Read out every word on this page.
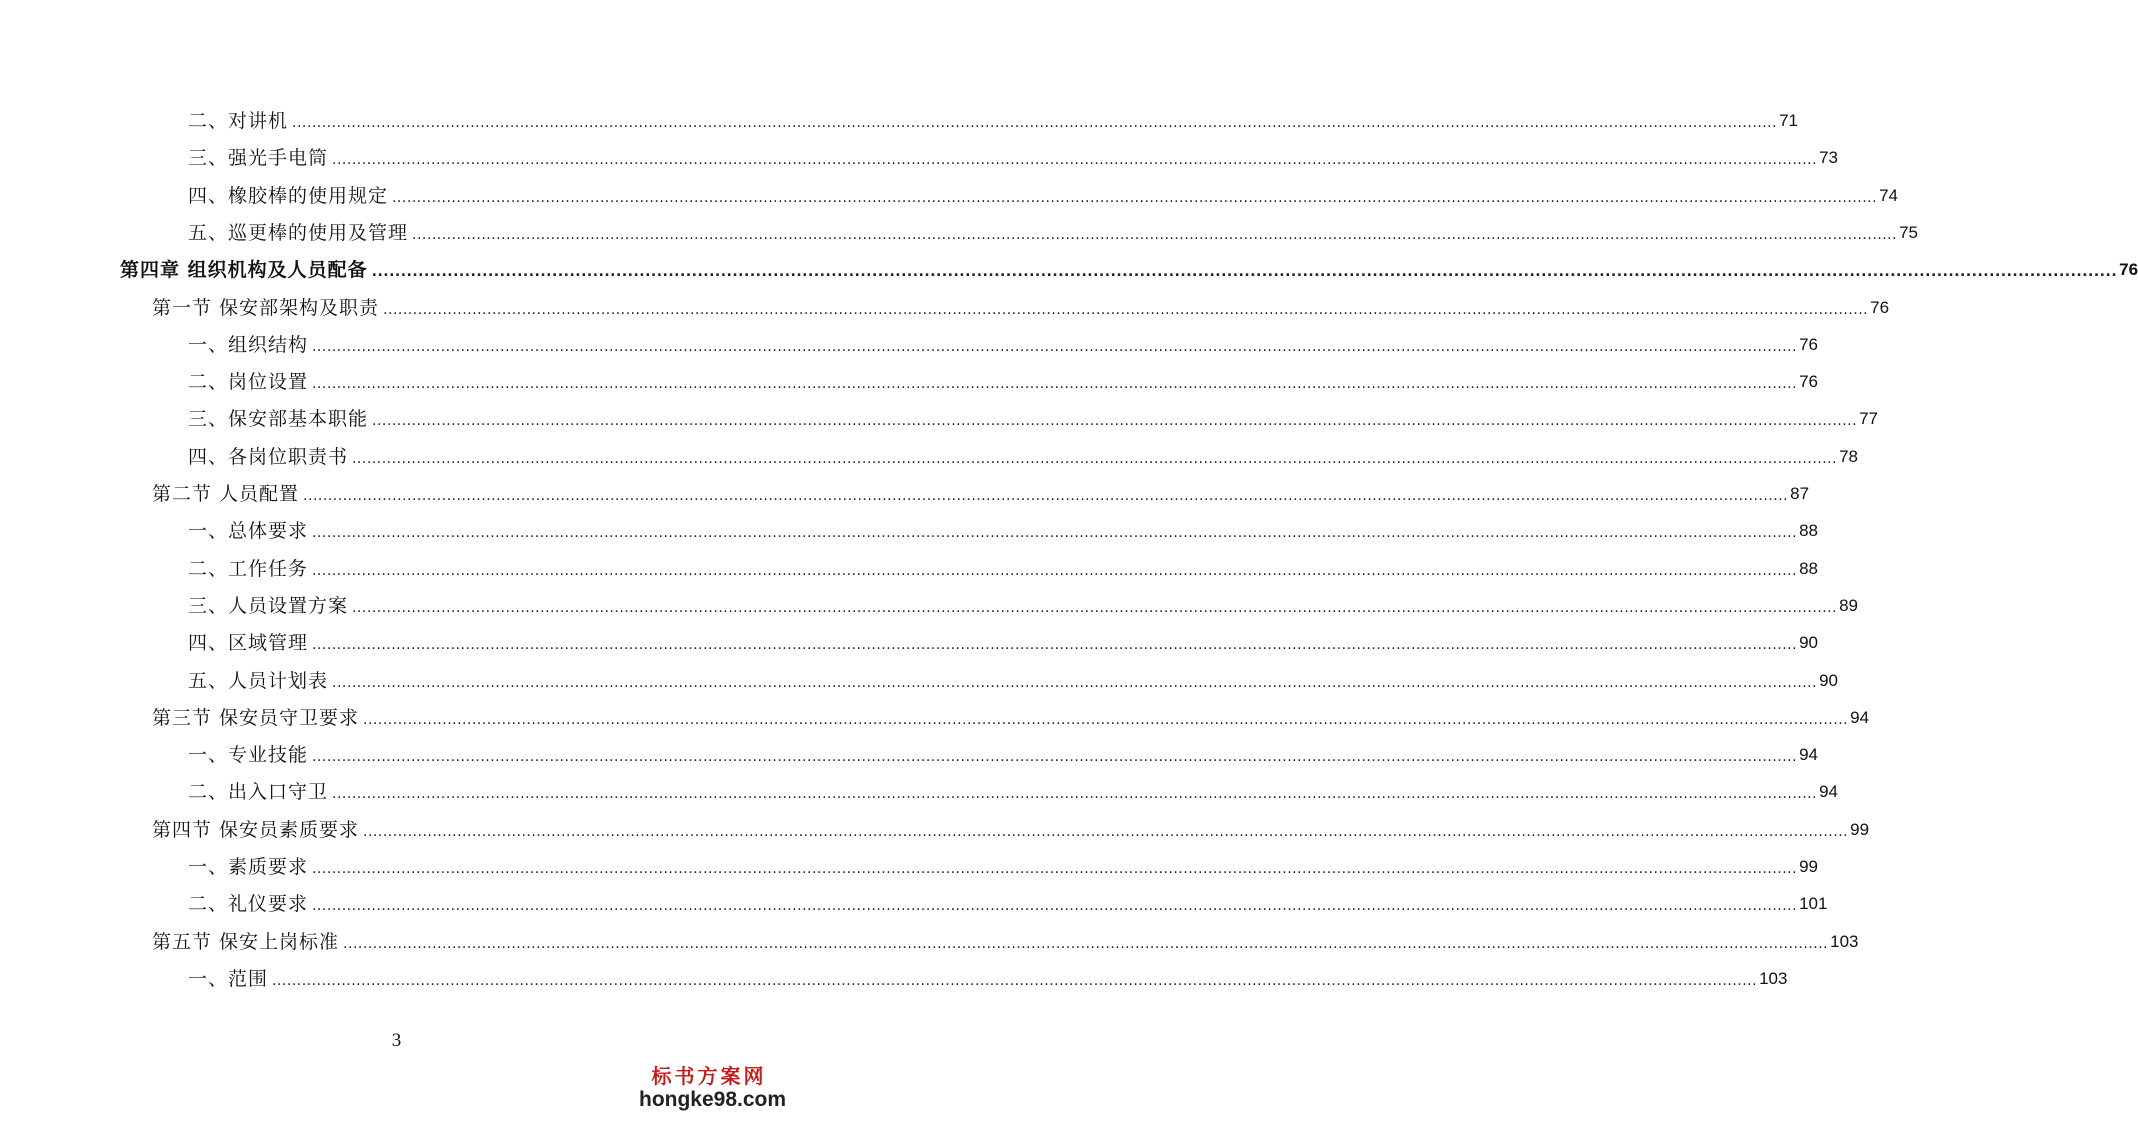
二、对讲机 ............................................................................................................................................................................................................................................................................................................ 71
三、强光手电筒 ............................................................................................................................................................................................................................................................................................................ 73
四、橡胶棒的使用规定 ............................................................................................................................................................................................................................................................................................................ 74
五、巡更棒的使用及管理 ............................................................................................................................................................................................................................................................................................................ 75
第四章 组织机构及人员配备 ............................................................................................................................................................................................................................................................................................................ 76
第一节 保安部架构及职责 ............................................................................................................................................................................................................................................................................................................ 76
一、组织结构 ............................................................................................................................................................................................................................................................................................................ 76
二、岗位设置 ............................................................................................................................................................................................................................................................................................................ 76
三、保安部基本职能 ............................................................................................................................................................................................................................................................................................................ 77
四、各岗位职责书 ............................................................................................................................................................................................................................................................................................................ 78
第二节 人员配置 ............................................................................................................................................................................................................................................................................................................ 87
一、总体要求 ............................................................................................................................................................................................................................................................................................................ 88
二、工作任务 ............................................................................................................................................................................................................................................................................................................ 88
三、人员设置方案 ............................................................................................................................................................................................................................................................................................................ 89
四、区域管理 ............................................................................................................................................................................................................................................................................................................ 90
五、人员计划表 ............................................................................................................................................................................................................................................................................................................ 90
第三节 保安员守卫要求 ............................................................................................................................................................................................................................................................................................................ 94
一、专业技能 ............................................................................................................................................................................................................................................................................................................ 94
二、出入口守卫 ............................................................................................................................................................................................................................................................................................................ 94
第四节 保安员素质要求 ............................................................................................................................................................................................................................................................................................................ 99
一、素质要求 ............................................................................................................................................................................................................................................................................................................ 99
二、礼仪要求 ............................................................................................................................................................................................................................................................................................................ 101
第五节 保安上岗标准 ............................................................................................................................................................................................................................................................................................................ 103
一、范围 ............................................................................................................................................................................................................................................................................................................ 103
3
标书方案网
hongke98.com
